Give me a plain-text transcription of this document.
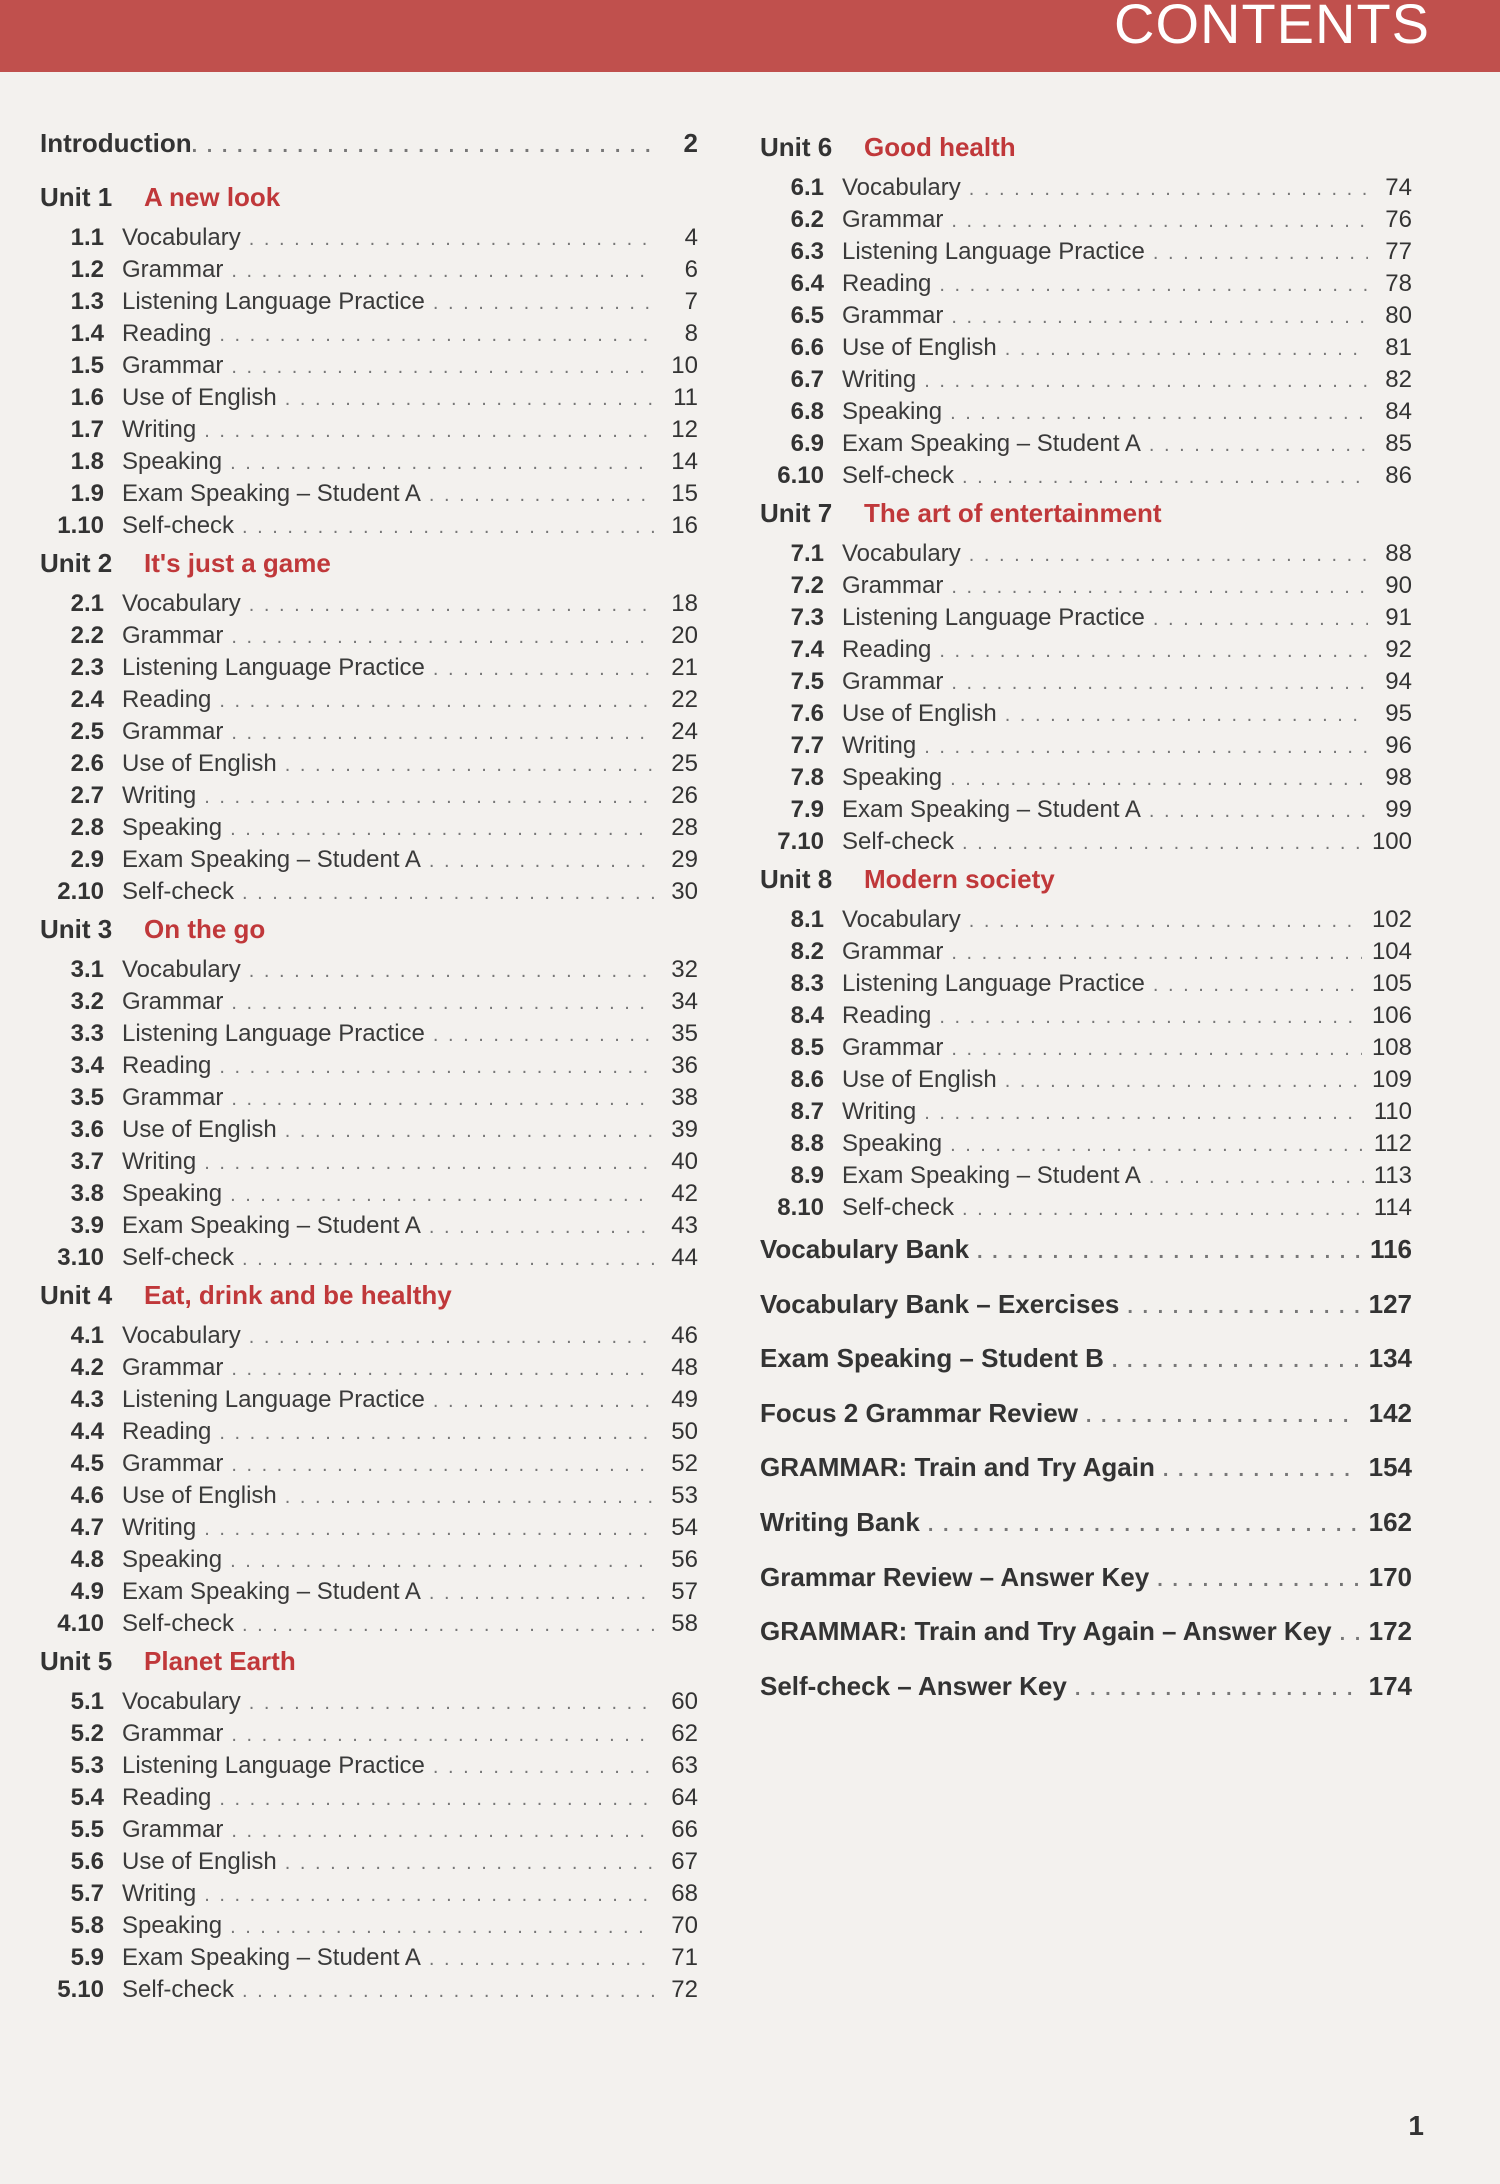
CONTENTS
Introduction . . .	2
Unit 1	A new look
1.1 Vocabulary . . .	4
1.2 Grammar . . .	6
1.3 Listening Language Practice . . .	7
1.4 Reading . . .	8
1.5 Grammar . . .	10
1.6 Use of English . . .	11
1.7 Writing . . .	12
1.8 Speaking . . .	14
1.9 Exam Speaking – Student A . . .	15
1.10 Self-check . . .	16
Unit 2	It's just a game
2.1 Vocabulary . . .	18
2.2 Grammar . . .	20
2.3 Listening Language Practice . . .	21
2.4 Reading . . .	22
2.5 Grammar . . .	24
2.6 Use of English . . .	25
2.7 Writing . . .	26
2.8 Speaking . . .	28
2.9 Exam Speaking – Student A . . .	29
2.10 Self-check . . .	30
Unit 3	On the go
3.1 Vocabulary . . .	32
3.2 Grammar . . .	34
3.3 Listening Language Practice . . .	35
3.4 Reading . . .	36
3.5 Grammar . . .	38
3.6 Use of English . . .	39
3.7 Writing . . .	40
3.8 Speaking . . .	42
3.9 Exam Speaking – Student A . . .	43
3.10 Self-check . . .	44
Unit 4	Eat, drink and be healthy
4.1 Vocabulary . . .	46
4.2 Grammar . . .	48
4.3 Listening Language Practice . . .	49
4.4 Reading . . .	50
4.5 Grammar . . .	52
4.6 Use of English . . .	53
4.7 Writing . . .	54
4.8 Speaking . . .	56
4.9 Exam Speaking – Student A . . .	57
4.10 Self-check . . .	58
Unit 5	Planet Earth
5.1 Vocabulary . . .	60
5.2 Grammar . . .	62
5.3 Listening Language Practice . . .	63
5.4 Reading . . .	64
5.5 Grammar . . .	66
5.6 Use of English . . .	67
5.7 Writing . . .	68
5.8 Speaking . . .	70
5.9 Exam Speaking – Student A . . .	71
5.10 Self-check . . .	72
Unit 6	Good health
6.1 Vocabulary . . .	74
6.2 Grammar . . .	76
6.3 Listening Language Practice . . .	77
6.4 Reading . . .	78
6.5 Grammar . . .	80
6.6 Use of English . . .	81
6.7 Writing . . .	82
6.8 Speaking . . .	84
6.9 Exam Speaking – Student A . . .	85
6.10 Self-check . . .	86
Unit 7	The art of entertainment
7.1 Vocabulary . . .	88
7.2 Grammar . . .	90
7.3 Listening Language Practice . . .	91
7.4 Reading . . .	92
7.5 Grammar . . .	94
7.6 Use of English . . .	95
7.7 Writing . . .	96
7.8 Speaking . . .	98
7.9 Exam Speaking – Student A . . .	99
7.10 Self-check . . .	100
Unit 8	Modern society
8.1 Vocabulary . . .	102
8.2 Grammar . . .	104
8.3 Listening Language Practice . . .	105
8.4 Reading . . .	106
8.5 Grammar . . .	108
8.6 Use of English . . .	109
8.7 Writing . . .	110
8.8 Speaking . . .	112
8.9 Exam Speaking – Student A . . .	113
8.10 Self-check . . .	114
Vocabulary Bank . . .	116
Vocabulary Bank – Exercises . . .	127
Exam Speaking – Student B . . .	134
Focus 2 Grammar Review . . .	142
GRAMMAR: Train and Try Again . . .	154
Writing Bank . . .	162
Grammar Review – Answer Key . . .	170
GRAMMAR: Train and Try Again – Answer Key . . .	172
Self-check – Answer Key . . .	174
1
